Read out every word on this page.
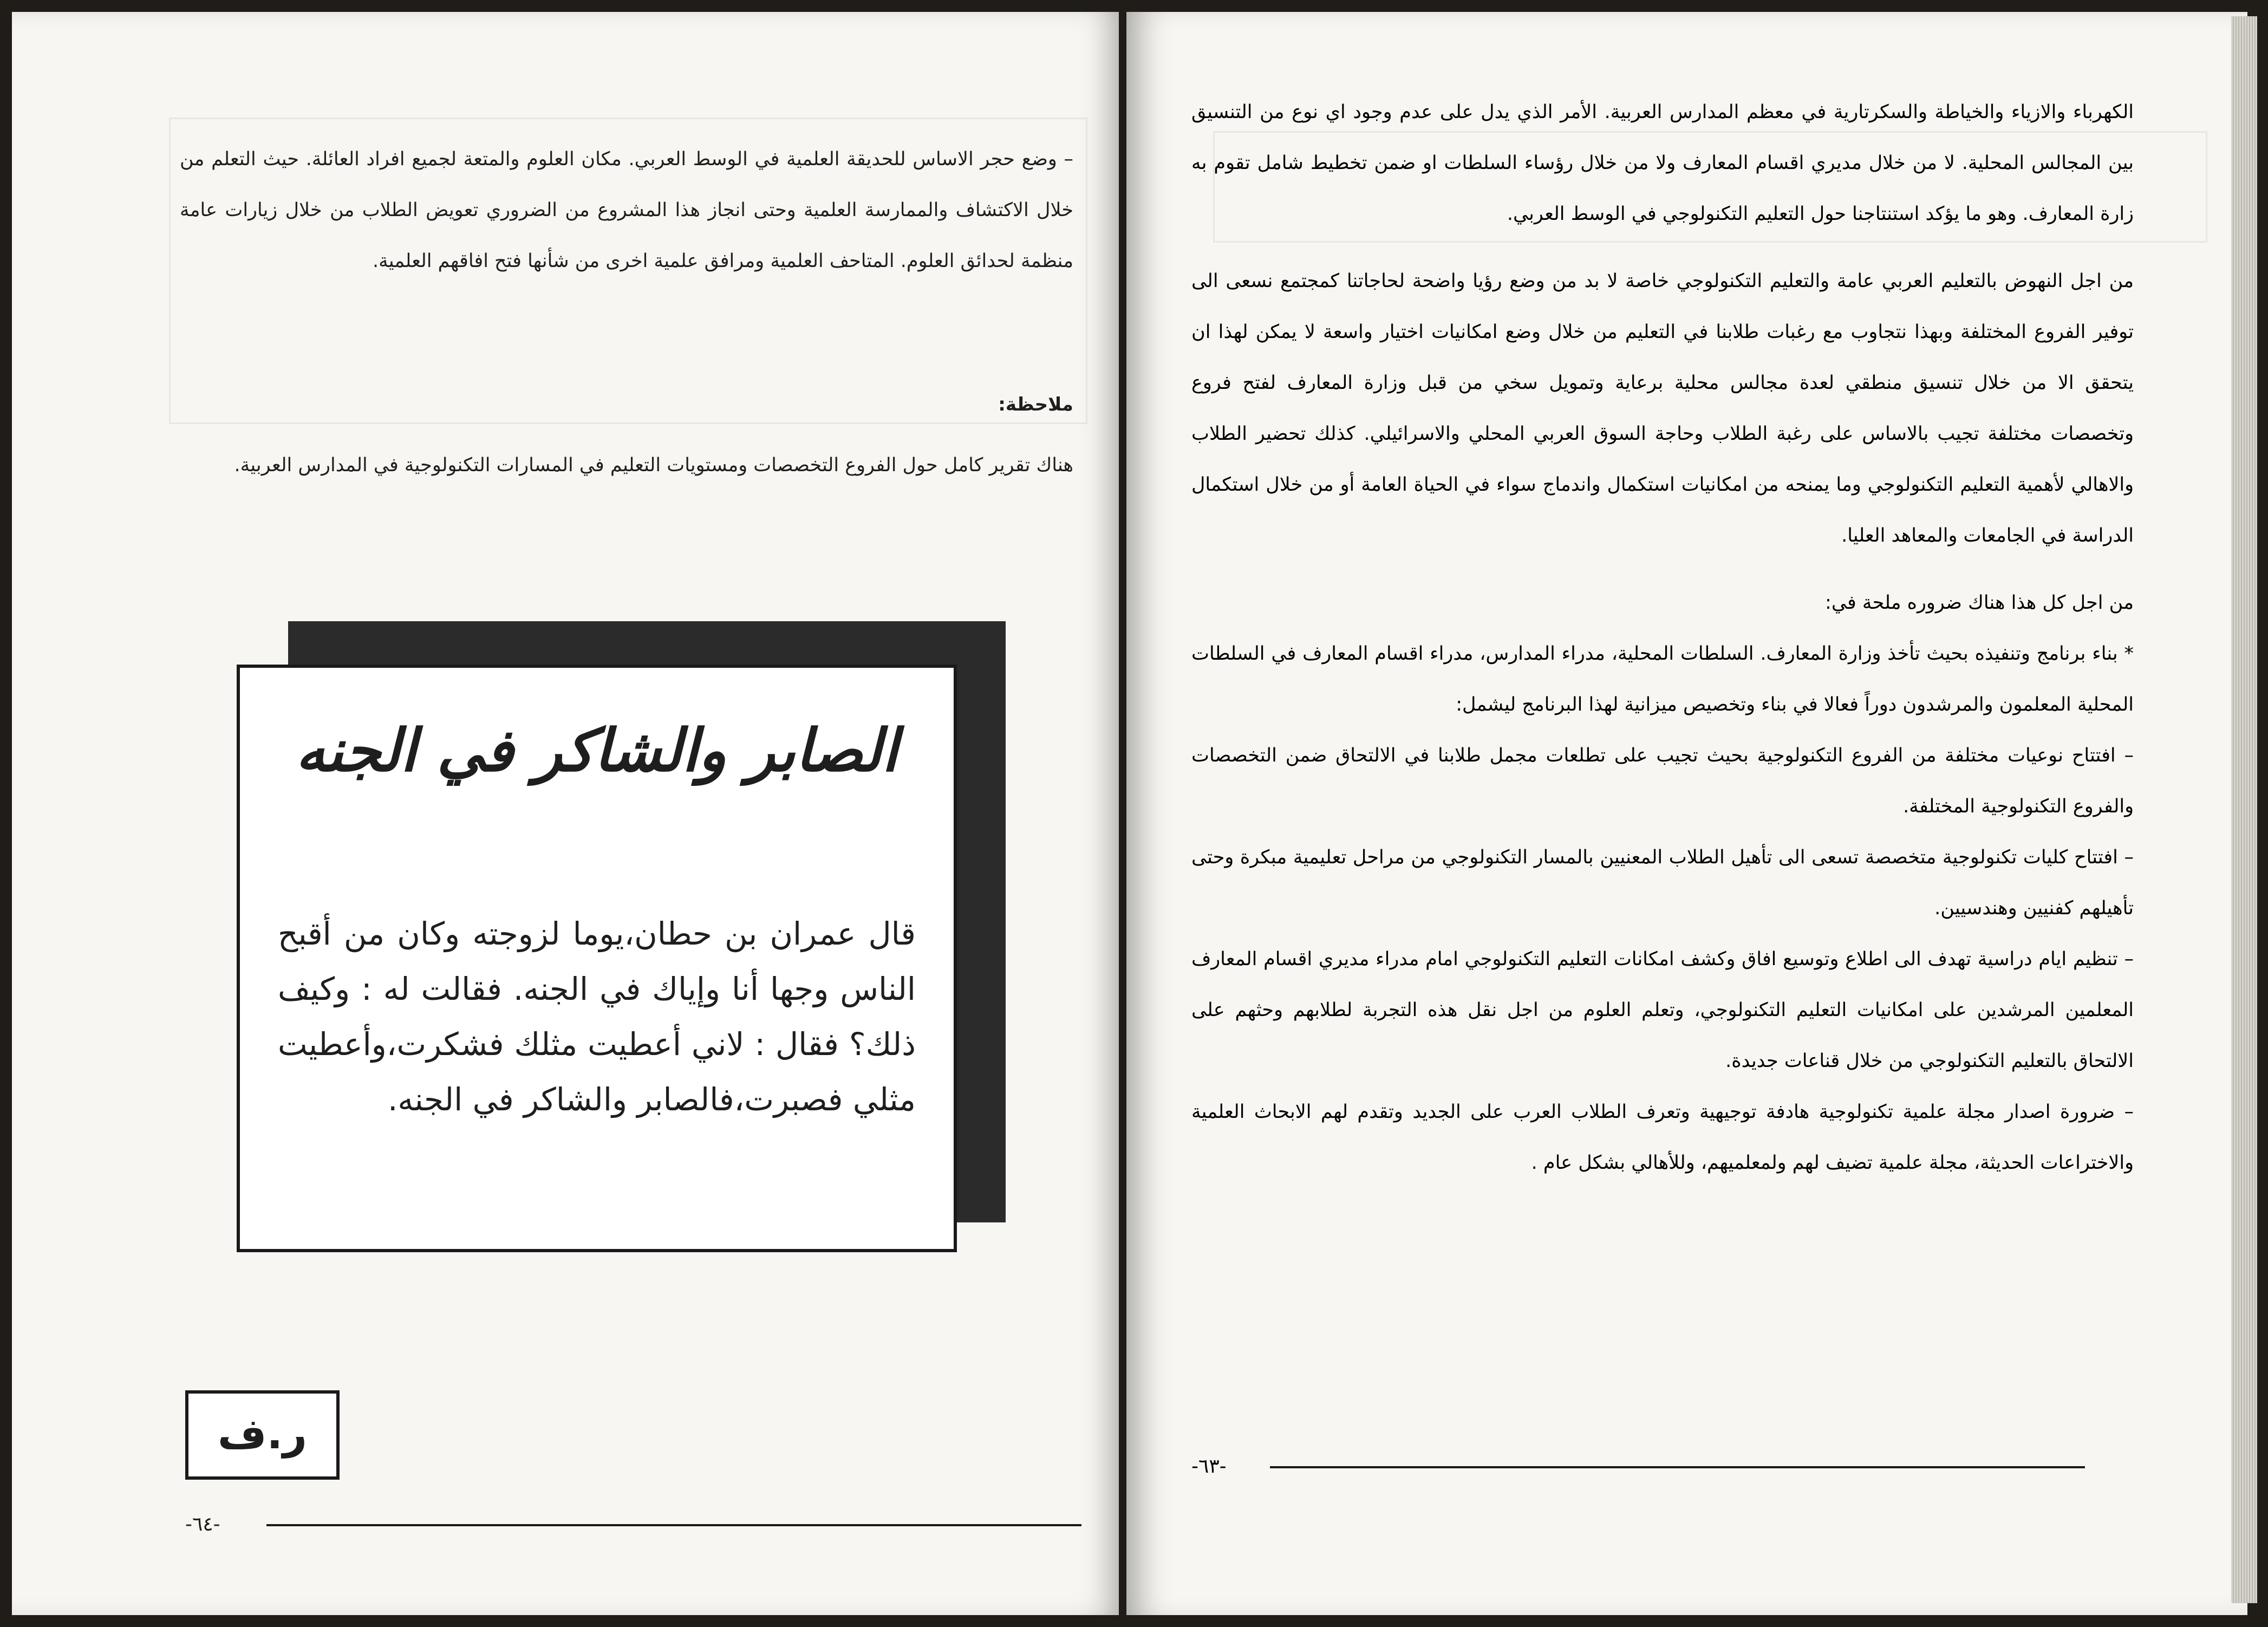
– وضع حجر الاساس للحديقة العلمية في الوسط العربي. مكان العلوم والمتعة لجميع افراد العائلة. حيث التعلم من خلال الاكتشاف والممارسة العلمية وحتى انجاز هذا المشروع من الضروري تعويض الطلاب من خلال زيارات عامة منظمة لحدائق العلوم. المتاحف العلمية ومرافق علمية اخرى من شأنها فتح افاقهم العلمية.

ملاحظة:

هناك تقرير كامل حول الفروع التخصصات ومستويات التعليم في المسارات التكنولوجية في المدارس العربية.

الصابر والشاكر في الجنه
قال عمران بن حطان،يوما لزوجته وكان من أقبح الناس وجها أنا وإياك في الجنه. فقالت له : وكيف ذلك؟ فقال : لاني أعطيت مثلك فشكرت،وأعطيت مثلي فصبرت،فالصابر والشاكر في الجنه.
ر.ف
-٦٤-

الكهرباء والازياء والخياطة والسكرتارية في معظم المدارس العربية. الأمر الذي يدل على عدم وجود اي نوع من التنسيق بين المجالس المحلية. لا من خلال مديري اقسام المعارف ولا من خلال رؤساء السلطات او ضمن تخطيط شامل تقوم به زارة المعارف. وهو ما يؤكد استنتاجنا حول التعليم التكنولوجي في الوسط العربي.

من اجل النهوض بالتعليم العربي عامة والتعليم التكنولوجي خاصة لا بد من وضع رؤيا واضحة لحاجاتنا كمجتمع نسعى الى توفير الفروع المختلفة وبهذا نتجاوب مع رغبات طلابنا في التعليم من خلال وضع امكانيات اختيار واسعة لا يمكن لهذا ان يتحقق الا من خلال تنسيق منطقي لعدة مجالس محلية برعاية وتمويل سخي من قبل وزارة المعارف لفتح فروع وتخصصات مختلفة تجيب بالاساس على رغبة الطلاب وحاجة السوق العربي المحلي والاسرائيلي. كذلك تحضير الطلاب والاهالي لأهمية التعليم التكنولوجي وما يمنحه من امكانيات استكمال واندماج سواء في الحياة العامة أو من خلال استكمال الدراسة في الجامعات والمعاهد العليا.

من اجل كل هذا هناك ضروره ملحة في:

* بناء برنامج وتنفيذه بحيث تأخذ وزارة المعارف. السلطات المحلية، مدراء المدارس، مدراء اقسام المعارف في السلطات المحلية المعلمون والمرشدون دوراً فعالا في بناء وتخصيص ميزانية لهذا البرنامج ليشمل:

– افتتاح نوعيات مختلفة من الفروع التكنولوجية بحيث تجيب على تطلعات مجمل طلابنا في الالتحاق ضمن التخصصات والفروع التكنولوجية المختلفة.

– افتتاح كليات تكنولوجية متخصصة تسعى الى تأهيل الطلاب المعنيين بالمسار التكنولوجي من مراحل تعليمية مبكرة وحتى تأهيلهم كفنيين وهندسيين.

– تنظيم ايام دراسية تهدف الى اطلاع وتوسيع افاق وكشف امكانات التعليم التكنولوجي امام مدراء مديري اقسام المعارف المعلمين المرشدين على امكانيات التعليم التكنولوجي، وتعلم العلوم من اجل نقل هذه التجربة لطلابهم وحثهم على الالتحاق بالتعليم التكنولوجي من خلال قناعات جديدة.

– ضرورة اصدار مجلة علمية تكنولوجية هادفة توجيهية وتعرف الطلاب العرب على الجديد وتقدم لهم الابحاث العلمية والاختراعات الحديثة، مجلة علمية تضيف لهم ولمعلميهم، وللأهالي بشكل عام .

-٦٣-
